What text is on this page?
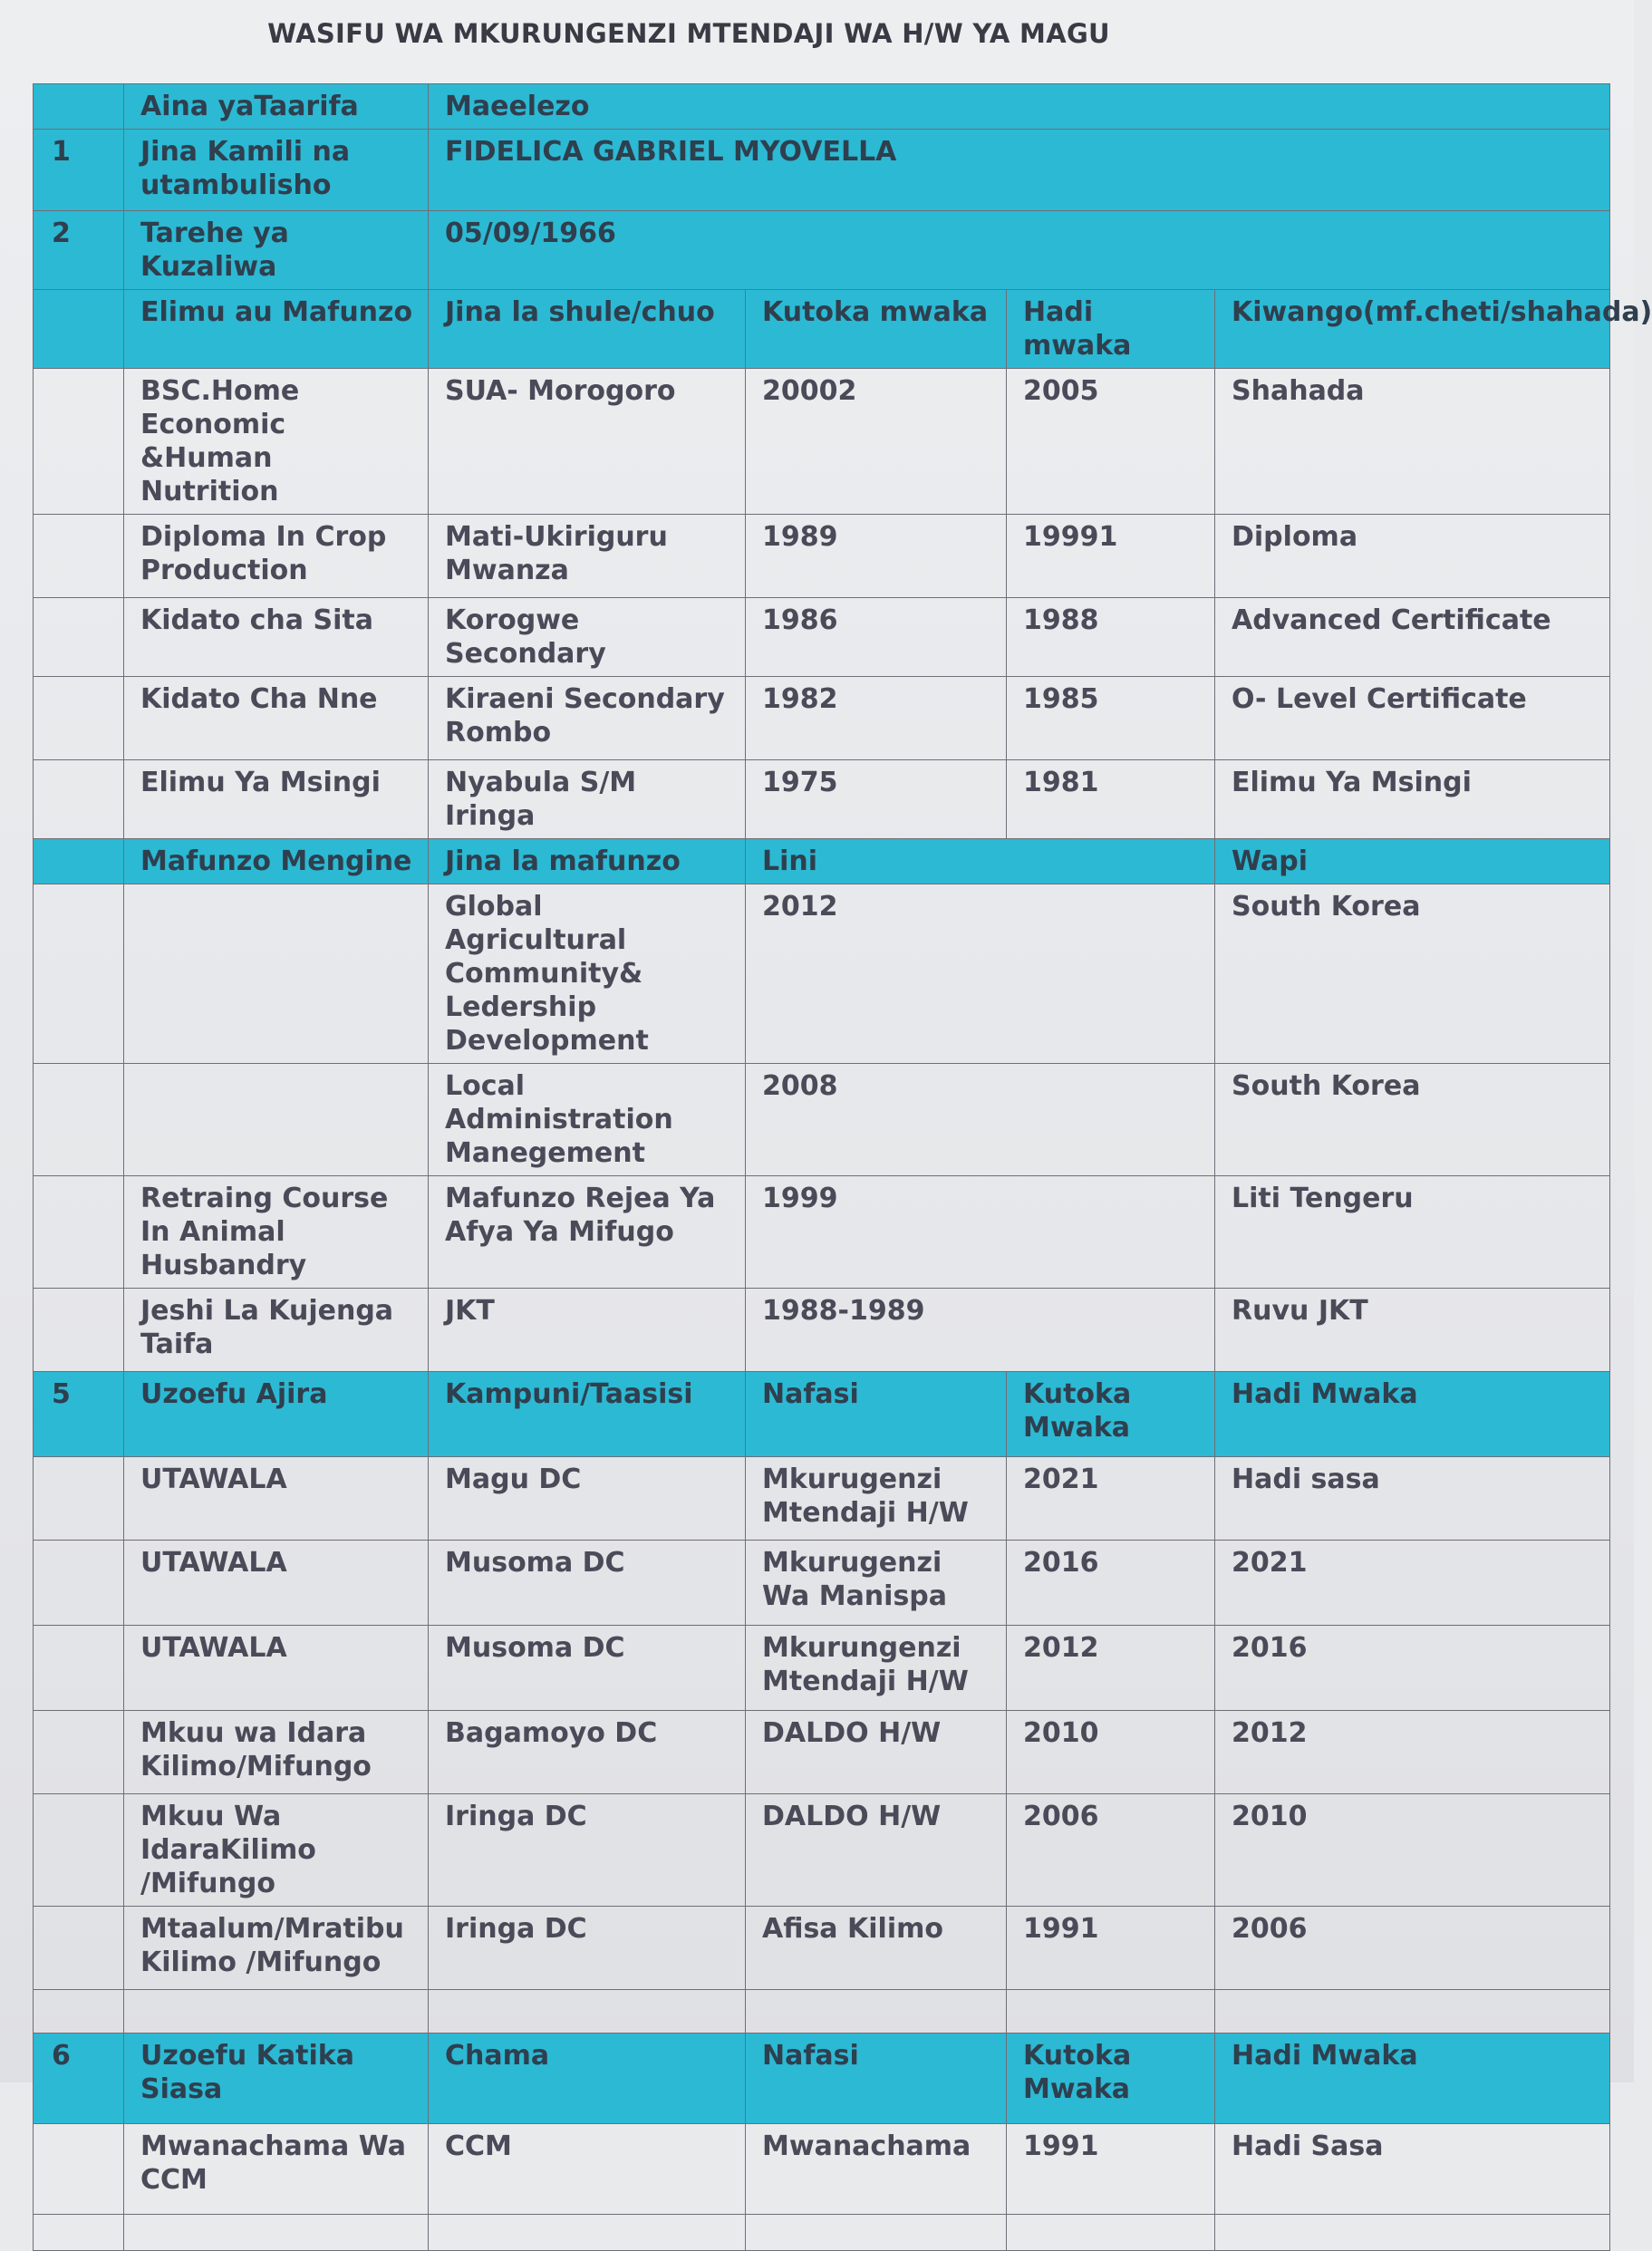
WASIFU WA MKURUNGENZI MTENDAJI WA H/W YA MAGU
	Aina yaTaarifa	Maeelezo			
1	Jina Kamili na utambulisho	FIDELICA GABRIEL MYOVELLA			
2	Tarehe ya Kuzaliwa	05/09/1966			
	Elimu au Mafunzo	Jina la shule/chuo	Kutoka mwaka	Hadi mwaka	Kiwango(mf.cheti/shahada)
	BSC.Home Economic &Human Nutrition	SUA- Morogoro	20002	2005	Shahada
	Diploma In Crop Production	Mati-Ukiriguru Mwanza	1989	19991	Diploma
	Kidato cha Sita	Korogwe Secondary	1986	1988	Advanced Certificate
	Kidato Cha Nne	Kiraeni Secondary Rombo	1982	1985	O- Level Certificate
	Elimu Ya Msingi	Nyabula S/M Iringa	1975	1981	Elimu Ya Msingi
	Mafunzo Mengine	Jina la mafunzo	Lini		Wapi
		Global Agricultural Community& Ledership Development	2012		South Korea
		Local Administration Manegement	2008		South Korea
	Retraing Course In Animal Husbandry	Mafunzo Rejea Ya Afya Ya Mifugo	1999		Liti Tengeru
	Jeshi La Kujenga Taifa	JKT	1988-1989		Ruvu JKT
5	Uzoefu Ajira	Kampuni/Taasisi	Nafasi	Kutoka Mwaka	Hadi Mwaka
	UTAWALA	Magu DC	Mkurugenzi Mtendaji H/W	2021	Hadi sasa
	UTAWALA	Musoma DC	Mkurugenzi Wa Manispa	2016	2021
	UTAWALA	Musoma DC	Mkurungenzi Mtendaji H/W	2012	2016
	Mkuu wa Idara Kilimo/Mifungo	Bagamoyo DC	DALDO H/W	2010	2012
	Mkuu Wa IdaraKilimo /Mifungo	Iringa DC	DALDO H/W	2006	2010
	Mtaalum/Mratibu Kilimo /Mifungo	Iringa DC	Afisa Kilimo	1991	2006

6	Uzoefu Katika Siasa	Chama	Nafasi	Kutoka Mwaka	Hadi Mwaka
	Mwanachama Wa CCM	CCM	Mwanachama	1991	Hadi Sasa
